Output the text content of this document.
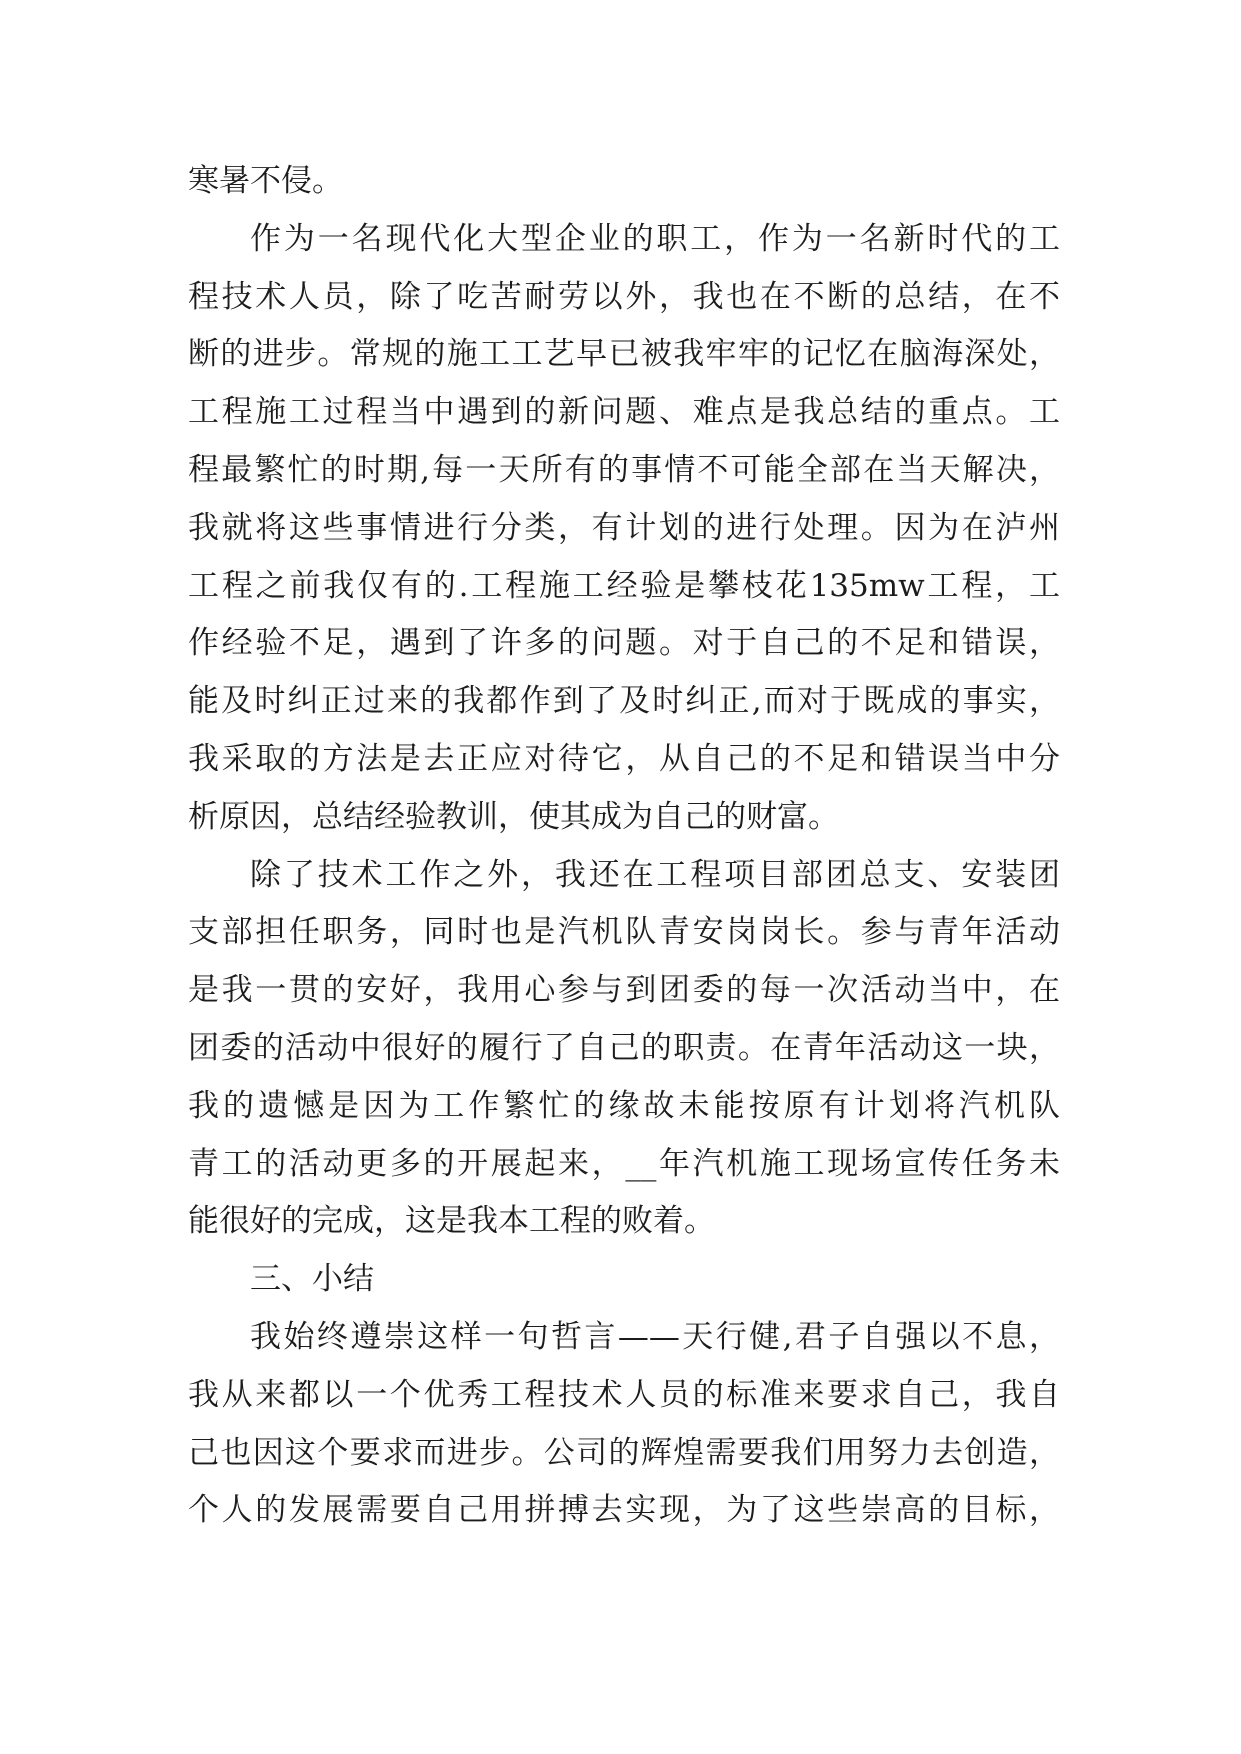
寒暑不侵。
作为一名现代化大型企业的职工，作为一名新时代的工
程技术人员，除了吃苦耐劳以外，我也在不断的总结，在不
断的进步。常规的施工工艺早已被我牢牢的记忆在脑海深处，
工程施工过程当中遇到的新问题、难点是我总结的重点。工
程最繁忙的时期,每一天所有的事情不可能全部在当天解决，
我就将这些事情进行分类，有计划的进行处理。因为在泸州
工程之前我仅有的.工程施工经验是攀枝花135mw工程，工
作经验不足，遇到了许多的问题。对于自己的不足和错误，
能及时纠正过来的我都作到了及时纠正,而对于既成的事实，
我采取的方法是去正应对待它，从自己的不足和错误当中分
析原因，总结经验教训，使其成为自己的财富。
除了技术工作之外，我还在工程项目部团总支、安装团
支部担任职务，同时也是汽机队青安岗岗长。参与青年活动
是我一贯的安好，我用心参与到团委的每一次活动当中，在
团委的活动中很好的履行了自己的职责。在青年活动这一块，
我的遗憾是因为工作繁忙的缘故未能按原有计划将汽机队
青工的活动更多的开展起来，__年汽机施工现场宣传任务未
能很好的完成，这是我本工程的败着。
三、小结
我始终遵崇这样一句哲言——天行健,君子自强以不息，
我从来都以一个优秀工程技术人员的标准来要求自己，我自
己也因这个要求而进步。公司的辉煌需要我们用努力去创造，
个人的发展需要自己用拼搏去实现，为了这些崇高的目标，
